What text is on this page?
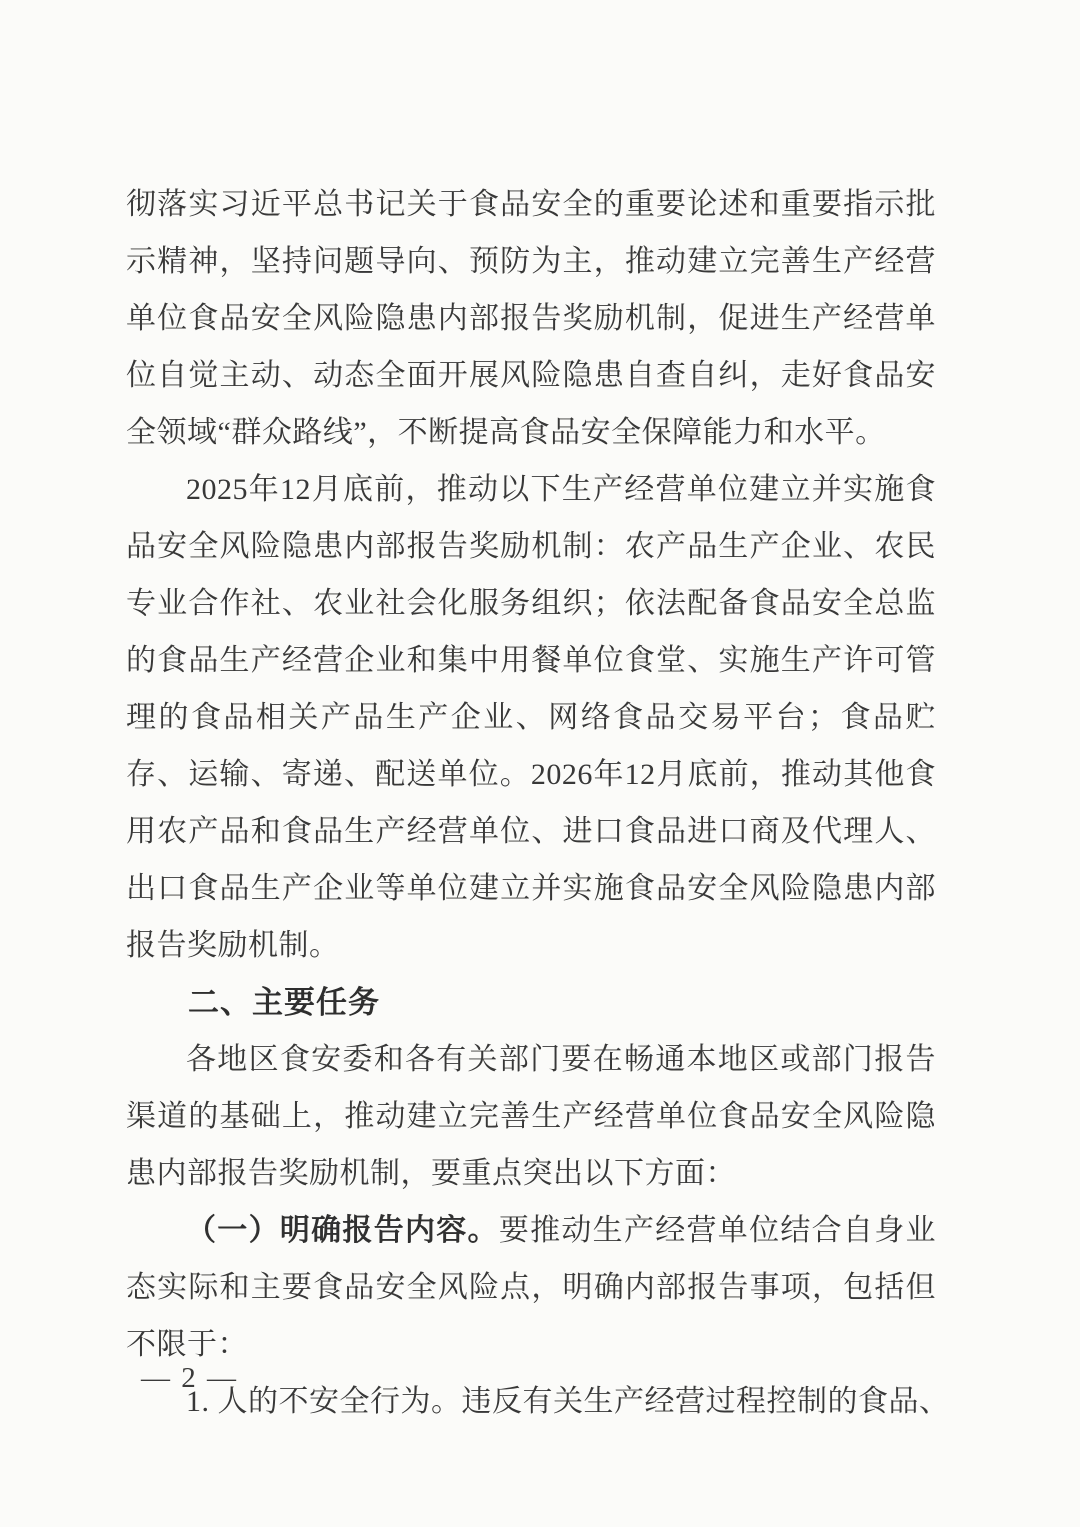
彻落实习近平总书记关于食品安全的重要论述和重要指示批示精神，坚持问题导向、预防为主，推动建立完善生产经营单位食品安全风险隐患内部报告奖励机制，促进生产经营单位自觉主动、动态全面开展风险隐患自查自纠，走好食品安全领域“群众路线”，不断提高食品安全保障能力和水平。

2025年12月底前，推动以下生产经营单位建立并实施食品安全风险隐患内部报告奖励机制：农产品生产企业、农民专业合作社、农业社会化服务组织；依法配备食品安全总监的食品生产经营企业和集中用餐单位食堂、实施生产许可管理的食品相关产品生产企业、网络食品交易平台；食品贮存、运输、寄递、配送单位。2026年12月底前，推动其他食用农产品和食品生产经营单位、进口食品进口商及代理人、出口食品生产企业等单位建立并实施食品安全风险隐患内部报告奖励机制。

二、主要任务

各地区食安委和各有关部门要在畅通本地区或部门报告渠道的基础上，推动建立完善生产经营单位食品安全风险隐患内部报告奖励机制，要重点突出以下方面：

（一）明确报告内容。要推动生产经营单位结合自身业态实际和主要食品安全风险点，明确内部报告事项，包括但不限于：

1. 人的不安全行为。违反有关生产经营过程控制的食品、

— 2 —
